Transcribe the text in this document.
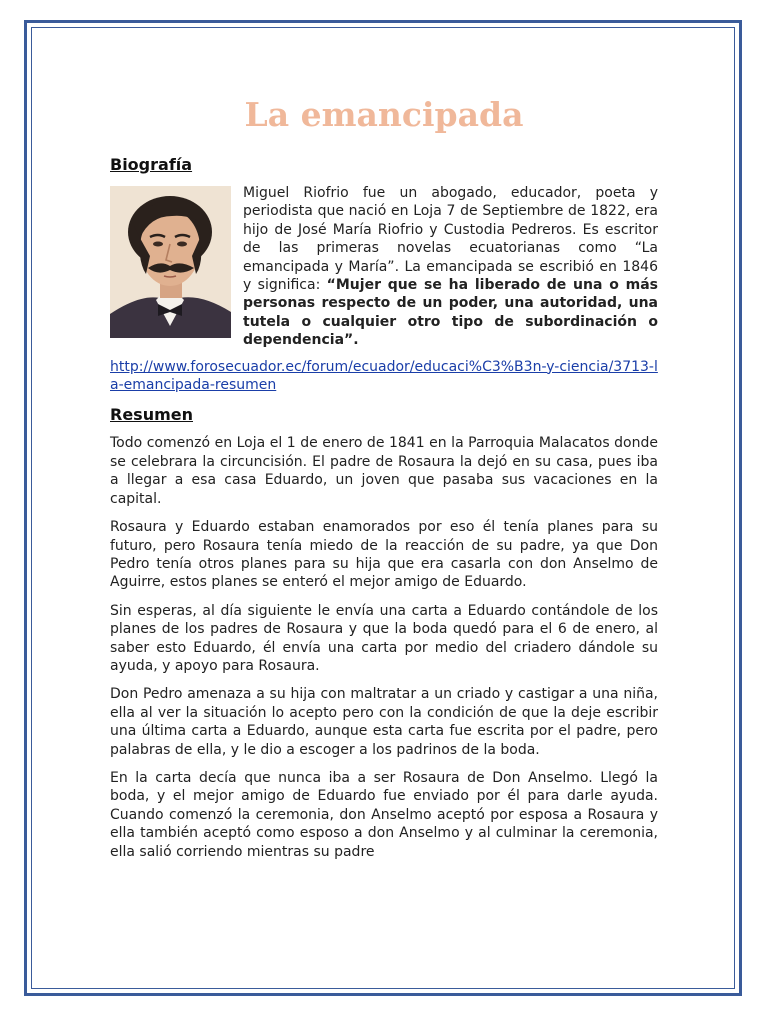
La emancipada
Biografía
Miguel Riofrio fue un abogado, educador, poeta y periodista que nació en Loja 7 de Septiembre de 1822, era hijo de José María Riofrio y Custodia Pedreros. Es escritor de las primeras novelas ecuatorianas como “La emancipada y María”. La emancipada se escribió en 1846 y significa: “Mujer que se ha liberado de una o más personas respecto de un poder, una autoridad, una tutela o cualquier otro tipo de subordinación o dependencia”.
http://www.forosecuador.ec/forum/ecuador/educaci%C3%B3n-y-ciencia/3713-la-emancipada-resumen
Resumen

Todo comenzó en Loja el 1 de enero de 1841 en la Parroquia Malacatos donde se celebrara la circuncisión. El padre de Rosaura la dejó en su casa, pues iba a llegar a esa casa Eduardo, un joven que pasaba sus vacaciones en la capital.

Rosaura y Eduardo estaban enamorados por eso él tenía planes para su futuro, pero Rosaura tenía miedo de la reacción de su padre, ya que Don Pedro tenía otros planes para su hija que era casarla con don Anselmo de Aguirre, estos planes se enteró el mejor amigo de Eduardo.

Sin esperas, al día siguiente le envía una carta a Eduardo contándole de los planes de los padres de Rosaura y que la boda quedó para el 6 de enero, al saber esto Eduardo, él envía una carta por medio del criadero dándole su ayuda, y apoyo para Rosaura.

Don Pedro amenaza a su hija con maltratar a un criado y castigar a una niña, ella al ver la situación lo acepto pero con la condición de que la deje escribir una última carta a Eduardo, aunque esta carta fue escrita por el padre, pero palabras de ella, y le dio a escoger a los padrinos de la boda.

En la carta decía que nunca iba a ser Rosaura de Don Anselmo. Llegó la boda, y el mejor amigo de Eduardo fue enviado por él para darle ayuda. Cuando comenzó la ceremonia, don Anselmo aceptó por esposa a Rosaura y ella también aceptó como esposo a don Anselmo y al culminar la ceremonia, ella salió corriendo mientras su padre
